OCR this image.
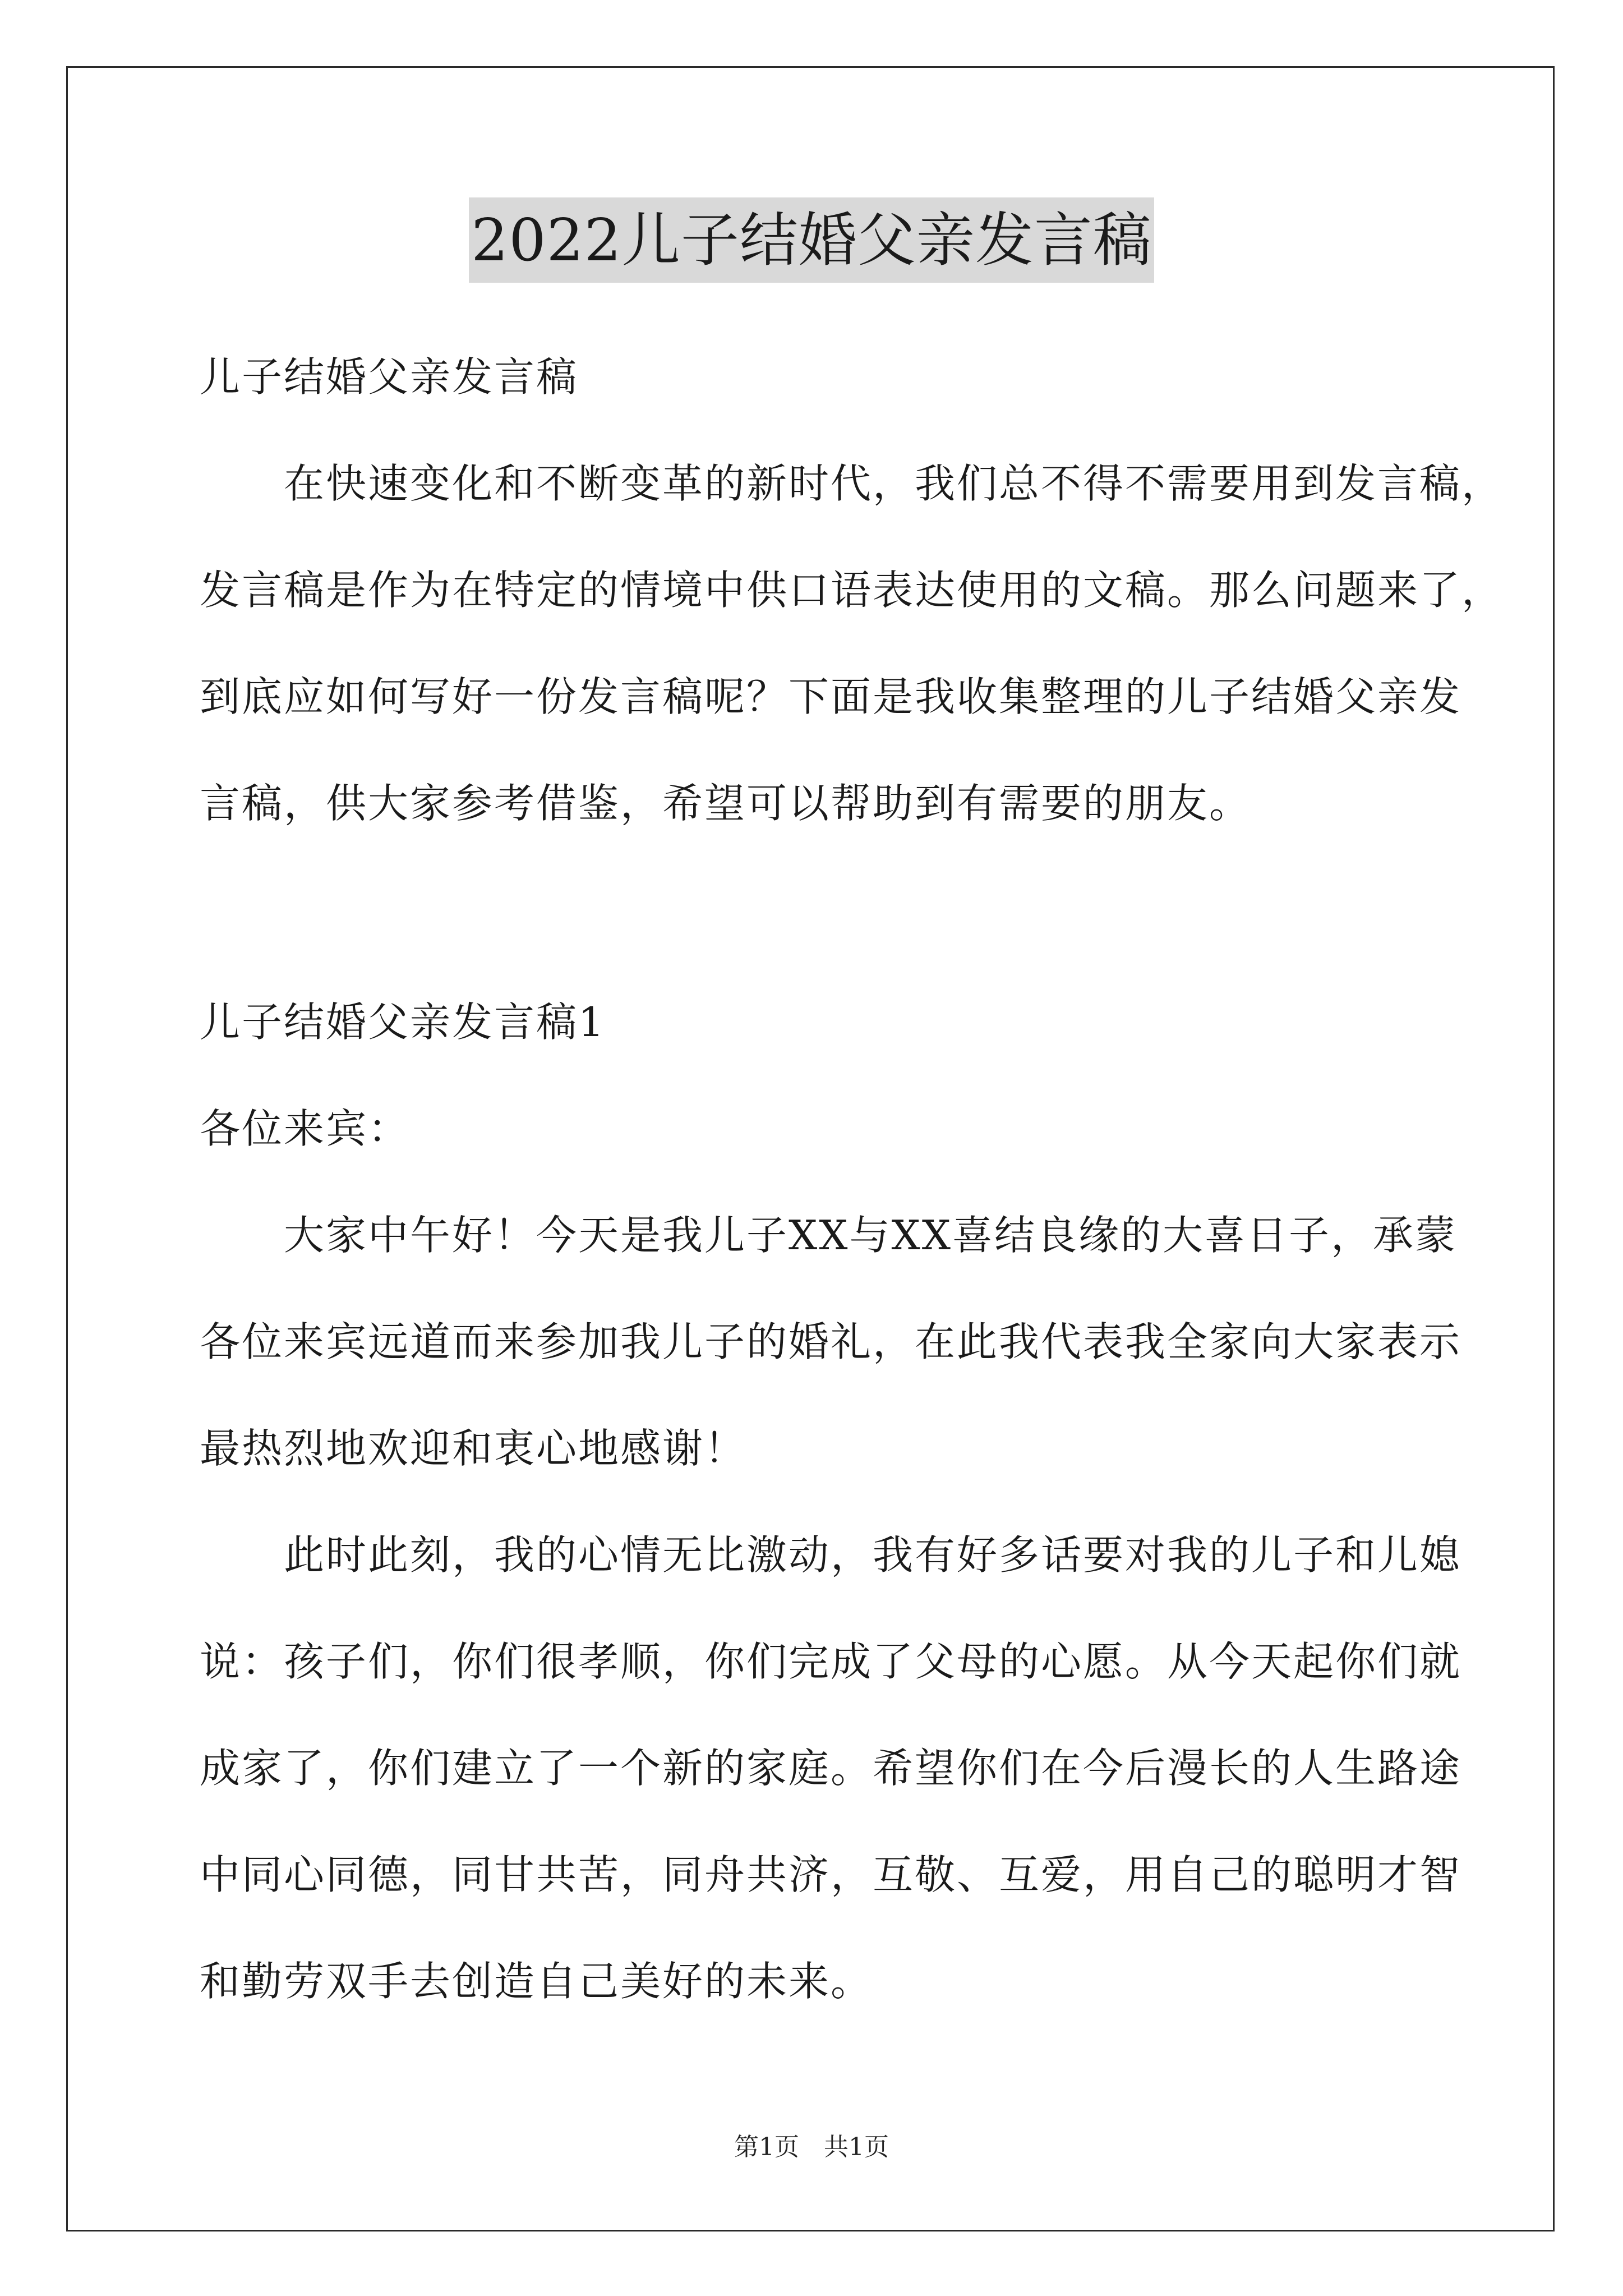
2022儿子结婚父亲发言稿
儿子结婚父亲发言稿
　　在快速变化和不断变革的新时代，我们总不得不需要用到发言稿，
发言稿是作为在特定的情境中供口语表达使用的文稿。那么问题来了，
到底应如何写好一份发言稿呢？下面是我收集整理的儿子结婚父亲发
言稿，供大家参考借鉴，希望可以帮助到有需要的朋友。
儿子结婚父亲发言稿1
各位来宾：
　　大家中午好！今天是我儿子XX与XX喜结良缘的大喜日子，承蒙
各位来宾远道而来参加我儿子的婚礼，在此我代表我全家向大家表示
最热烈地欢迎和衷心地感谢！
　　此时此刻，我的心情无比激动，我有好多话要对我的儿子和儿媳
说：孩子们，你们很孝顺，你们完成了父母的心愿。从今天起你们就
成家了，你们建立了一个新的家庭。希望你们在今后漫长的人生路途
中同心同德，同甘共苦，同舟共济，互敬、互爱，用自己的聪明才智
和勤劳双手去创造自己美好的未来。
第1页　共1页
